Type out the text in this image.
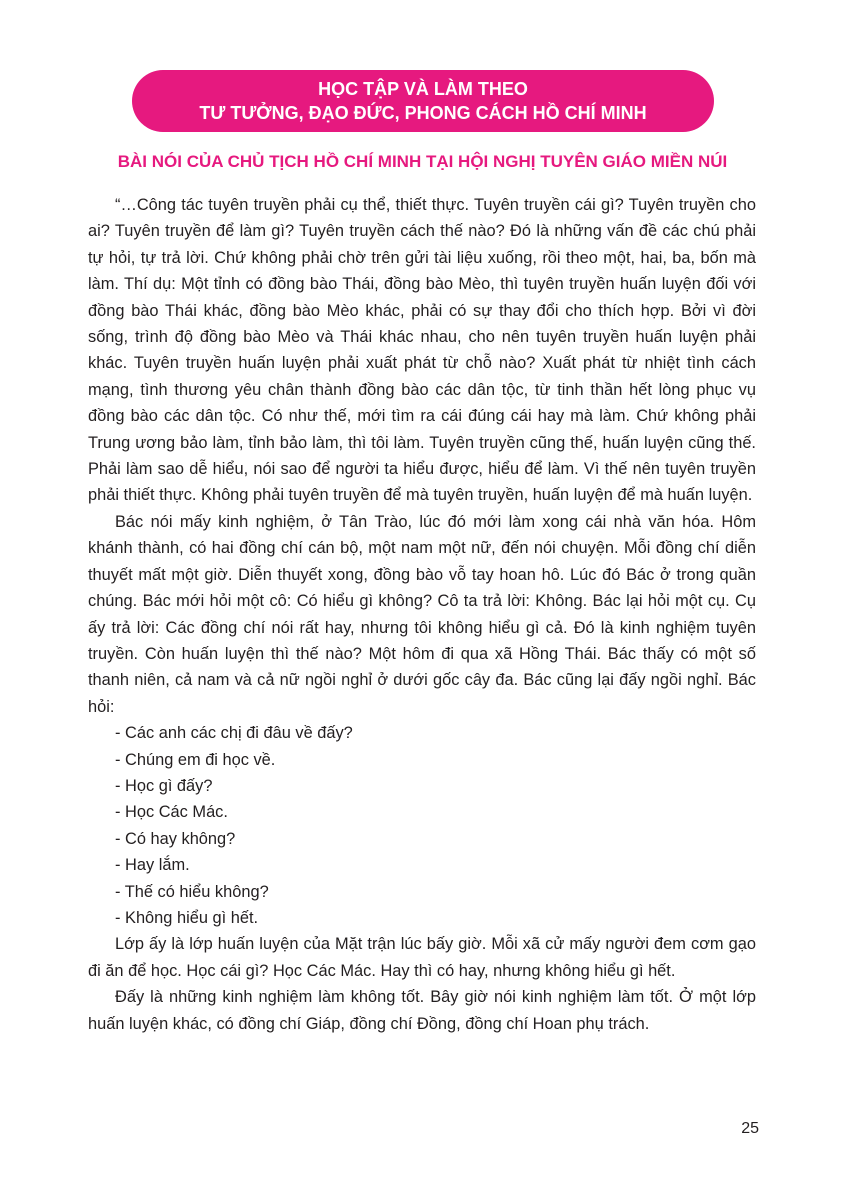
HỌC TẬP VÀ LÀM THEO
TƯ TƯỞNG, ĐẠO ĐỨC, PHONG CÁCH HỒ CHÍ MINH
BÀI NÓI CỦA CHỦ TỊCH HỒ CHÍ MINH TẠI HỘI NGHỊ TUYÊN GIÁO MIỀN NÚI

“…Công tác tuyên truyền phải cụ thể, thiết thực. Tuyên truyền cái gì? Tuyên truyền cho ai? Tuyên truyền để làm gì? Tuyên truyền cách thế nào? Đó là những vấn đề các chú phải tự hỏi, tự trả lời. Chứ không phải chờ trên gửi tài liệu xuống, rồi theo một, hai, ba, bốn mà làm. Thí dụ: Một tỉnh có đồng bào Thái, đồng bào Mèo, thì tuyên truyền huấn luyện đối với đồng bào Thái khác, đồng bào Mèo khác, phải có sự thay đổi cho thích hợp. Bởi vì đời sống, trình độ đồng bào Mèo và Thái khác nhau, cho nên tuyên truyền huấn luyện phải khác. Tuyên truyền huấn luyện phải xuất phát từ chỗ nào? Xuất phát từ nhiệt tình cách mạng, tình thương yêu chân thành đồng bào các dân tộc, từ tinh thần hết lòng phục vụ đồng bào các dân tộc. Có như thế, mới tìm ra cái đúng cái hay mà làm. Chứ không phải Trung ương bảo làm, tỉnh bảo làm, thì tôi làm. Tuyên truyền cũng thế, huấn luyện cũng thế. Phải làm sao dễ hiểu, nói sao để người ta hiểu được, hiểu để làm. Vì thế nên tuyên truyền phải thiết thực. Không phải tuyên truyền để mà tuyên truyền, huấn luyện để mà huấn luyện.

Bác nói mấy kinh nghiệm, ở Tân Trào, lúc đó mới làm xong cái nhà văn hóa. Hôm khánh thành, có hai đồng chí cán bộ, một nam một nữ, đến nói chuyện. Mỗi đồng chí diễn thuyết mất một giờ. Diễn thuyết xong, đồng bào vỗ tay hoan hô. Lúc đó Bác ở trong quần chúng. Bác mới hỏi một cô: Có hiểu gì không? Cô ta trả lời: Không. Bác lại hỏi một cụ. Cụ ấy trả lời: Các đồng chí nói rất hay, nhưng tôi không hiểu gì cả. Đó là kinh nghiệm tuyên truyền. Còn huấn luyện thì thế nào? Một hôm đi qua xã Hồng Thái. Bác thấy có một số thanh niên, cả nam và cả nữ ngồi nghỉ ở dưới gốc cây đa. Bác cũng lại đấy ngồi nghỉ. Bác hỏi:

- Các anh các chị đi đâu về đấy?

- Chúng em đi học về.

- Học gì đấy?

- Học Các Mác.

- Có hay không?

- Hay lắm.

- Thế có hiểu không?

- Không hiểu gì hết.

Lớp ấy là lớp huấn luyện của Mặt trận lúc bấy giờ. Mỗi xã cử mấy người đem cơm gạo đi ăn để học. Học cái gì? Học Các Mác. Hay thì có hay, nhưng không hiểu gì hết.

Đấy là những kinh nghiệm làm không tốt. Bây giờ nói kinh nghiệm làm tốt. Ở một lớp huấn luyện khác, có đồng chí Giáp, đồng chí Đồng, đồng chí Hoan phụ trách.

25
